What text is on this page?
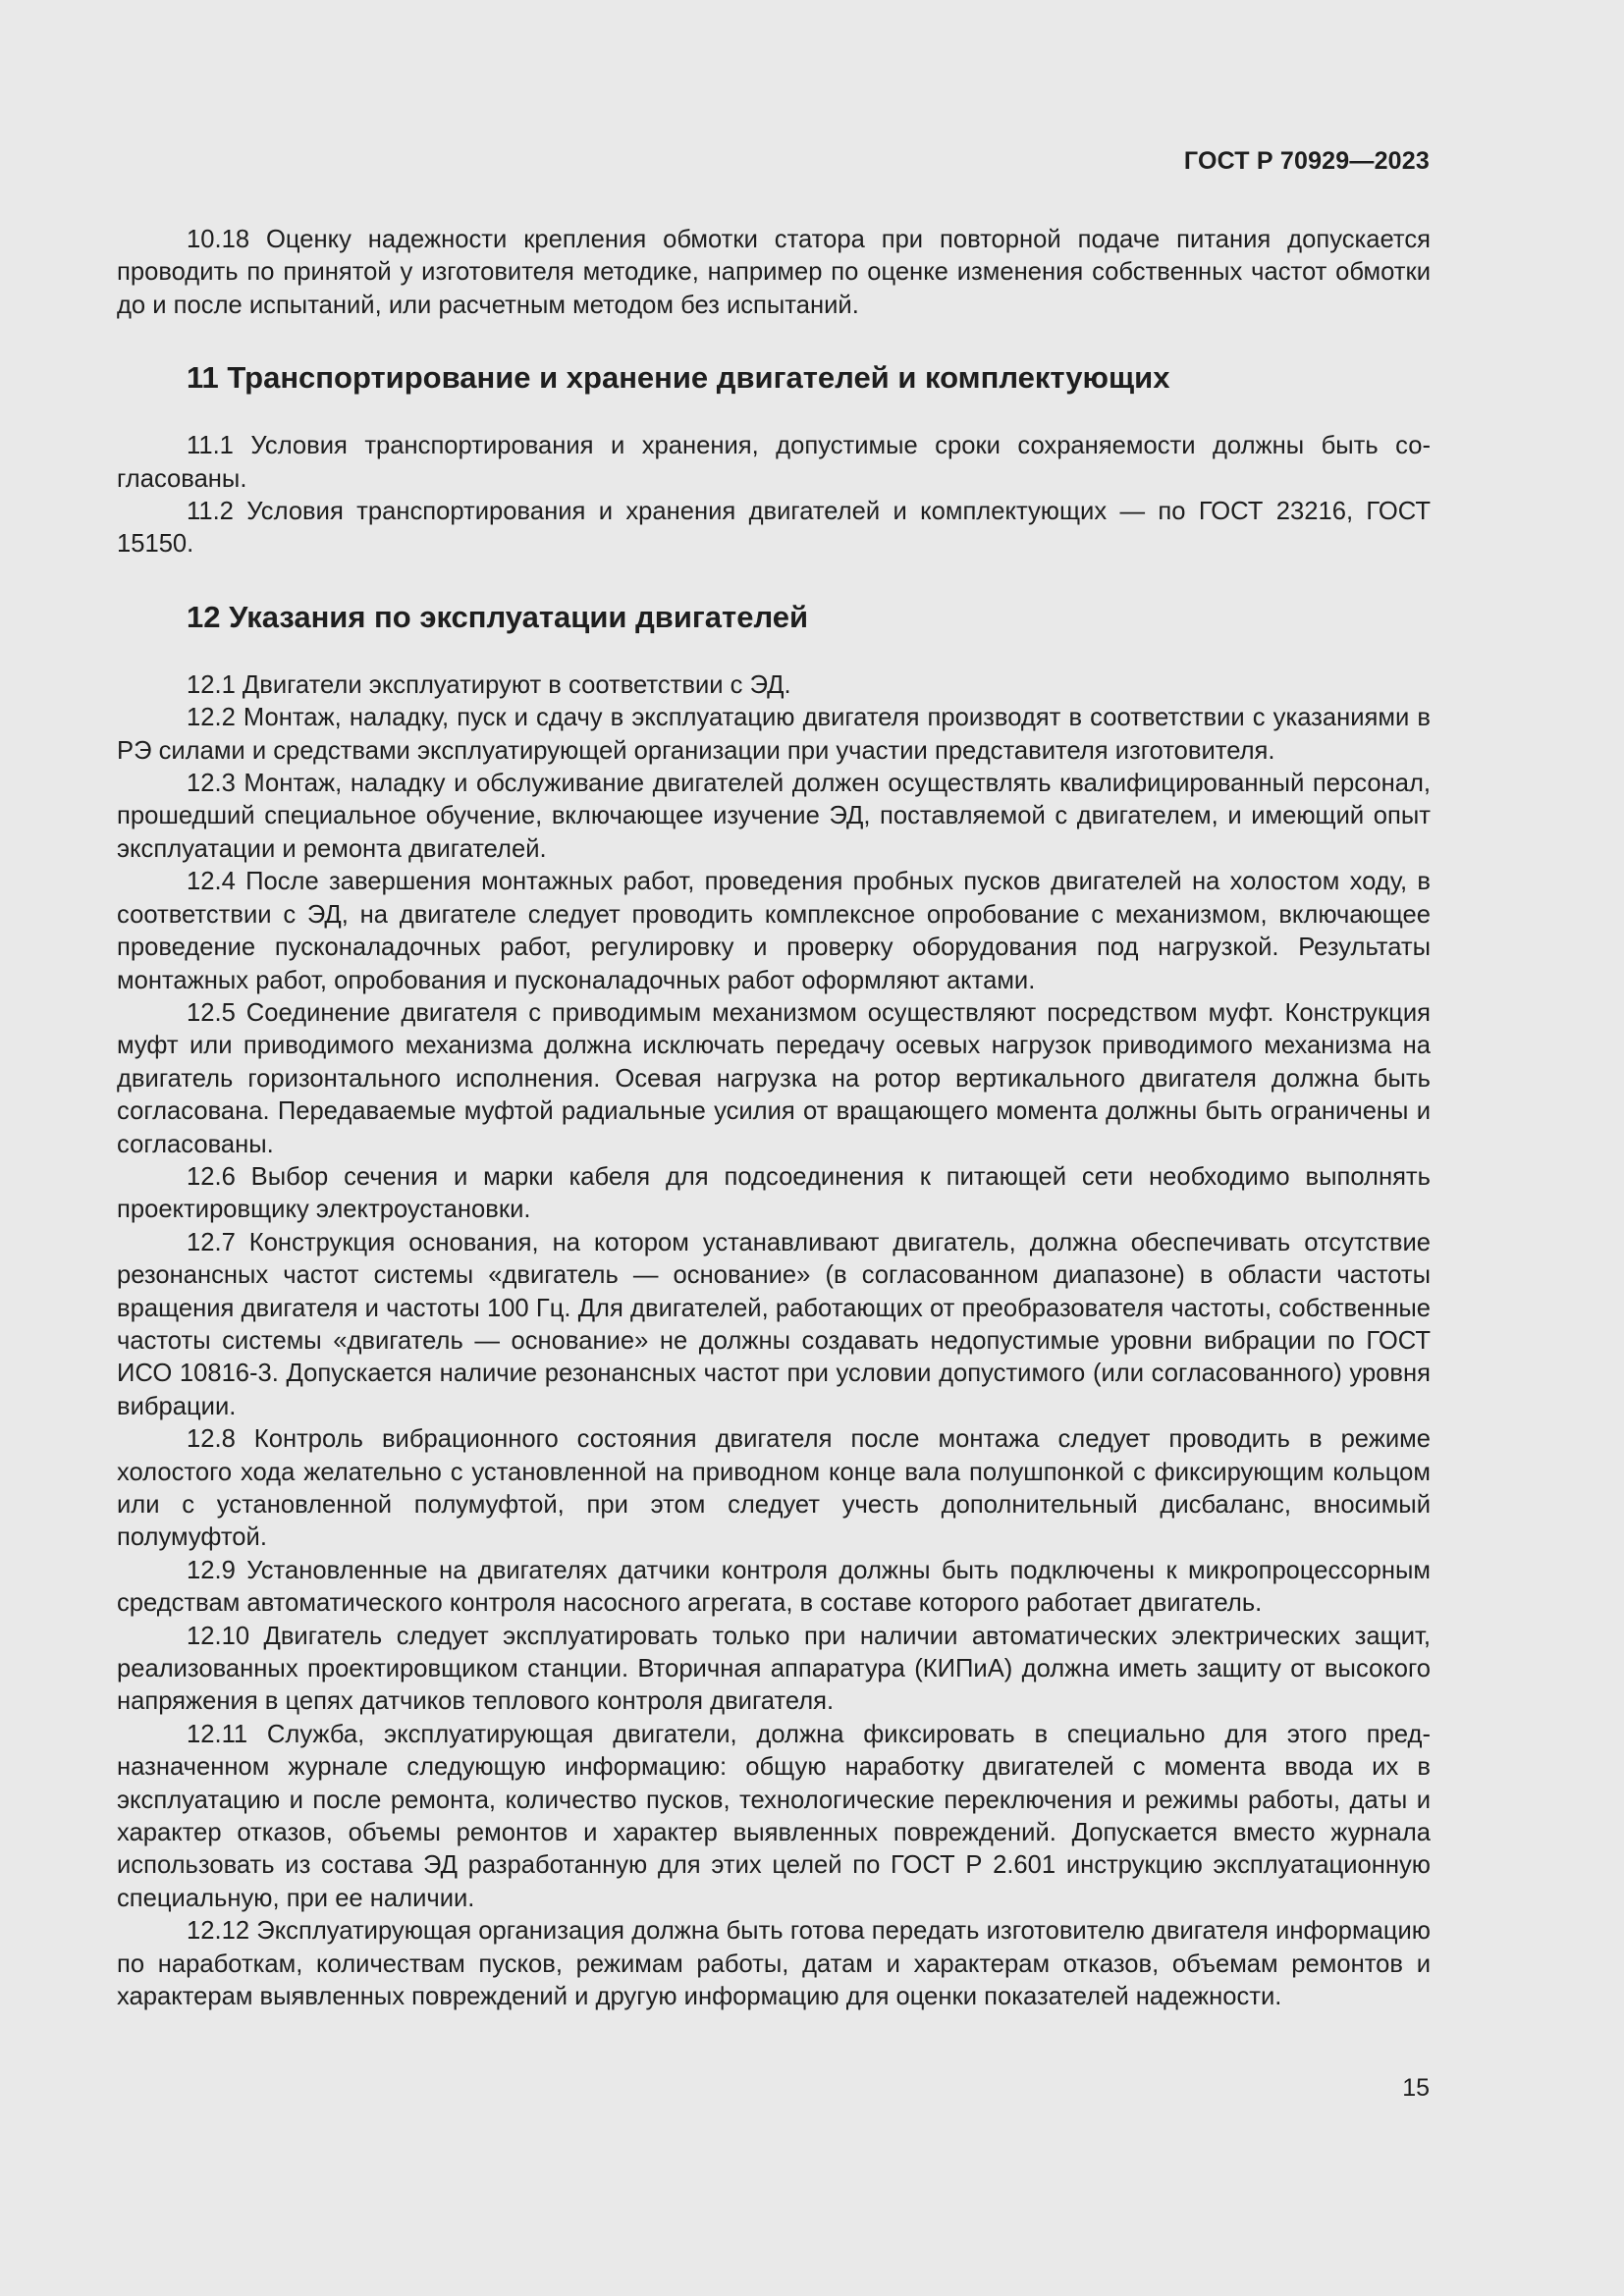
ГОСТ Р 70929—2023

10.18 Оценку надежности крепления обмотки статора при повторной подаче питания допускается проводить по принятой у изготовителя методике, например по оценке изменения собственных частот обмотки до и после испытаний, или расчетным методом без испытаний.

11 Транспортирование и хранение двигателей и комплектующих

11.1 Условия транспортирования и хранения, допустимые сроки сохраняемости должны быть согласованы.

11.2 Условия транспортирования и хранения двигателей и комплектующих — по ГОСТ 23216, ГОСТ 15150.

12 Указания по эксплуатации двигателей

12.1 Двигатели эксплуатируют в соответствии с ЭД.

12.2 Монтаж, наладку, пуск и сдачу в эксплуатацию двигателя производят в соответствии с указаниями в РЭ силами и средствами эксплуатирующей организации при участии представителя изготовителя.

12.3 Монтаж, наладку и обслуживание двигателей должен осуществлять квалифицированный персонал, прошедший специальное обучение, включающее изучение ЭД, поставляемой с двигателем, и имеющий опыт эксплуатации и ремонта двигателей.

12.4 После завершения монтажных работ, проведения пробных пусков двигателей на холостом ходу, в соответствии с ЭД, на двигателе следует проводить комплексное опробование с механизмом, включающее проведение пусконаладочных работ, регулировку и проверку оборудования под нагрузкой. Результаты монтажных работ, опробования и пусконаладочных работ оформляют актами.

12.5 Соединение двигателя с приводимым механизмом осуществляют посредством муфт. Конструкция муфт или приводимого механизма должна исключать передачу осевых нагрузок приводимого механизма на двигатель горизонтального исполнения. Осевая нагрузка на ротор вертикального двигателя должна быть согласована. Передаваемые муфтой радиальные усилия от вращающего момента должны быть ограничены и согласованы.

12.6 Выбор сечения и марки кабеля для подсоединения к питающей сети необходимо выполнять проектировщику электроустановки.

12.7 Конструкция основания, на котором устанавливают двигатель, должна обеспечивать отсутствие резонансных частот системы «двигатель — основание» (в согласованном диапазоне) в области частоты вращения двигателя и частоты 100 Гц. Для двигателей, работающих от преобразователя частоты, собственные частоты системы «двигатель — основание» не должны создавать недопустимые уровни вибрации по ГОСТ ИСО 10816-3. Допускается наличие резонансных частот при условии допустимого (или согласованного) уровня вибрации.

12.8 Контроль вибрационного состояния двигателя после монтажа следует проводить в режиме холостого хода желательно с установленной на приводном конце вала полушпонкой с фиксирующим кольцом или с установленной полумуфтой, при этом следует учесть дополнительный дисбаланс, вносимый полумуфтой.

12.9 Установленные на двигателях датчики контроля должны быть подключены к микропроцессорным средствам автоматического контроля насосного агрегата, в составе которого работает двигатель.

12.10 Двигатель следует эксплуатировать только при наличии автоматических электрических защит, реализованных проектировщиком станции. Вторичная аппаратура (КИПиА) должна иметь защиту от высокого напряжения в цепях датчиков теплового контроля двигателя.

12.11 Служба, эксплуатирующая двигатели, должна фиксировать в специально для этого предназначенном журнале следующую информацию: общую наработку двигателей с момента ввода их в эксплуатацию и после ремонта, количество пусков, технологические переключения и режимы работы, даты и характер отказов, объемы ремонтов и характер выявленных повреждений. Допускается вместо журнала использовать из состава ЭД разработанную для этих целей по ГОСТ Р 2.601 инструкцию эксплуатационную специальную, при ее наличии.

12.12 Эксплуатирующая организация должна быть готова передать изготовителю двигателя информацию по наработкам, количествам пусков, режимам работы, датам и характерам отказов, объемам ремонтов и характерам выявленных повреждений и другую информацию для оценки показателей надежности.

15
